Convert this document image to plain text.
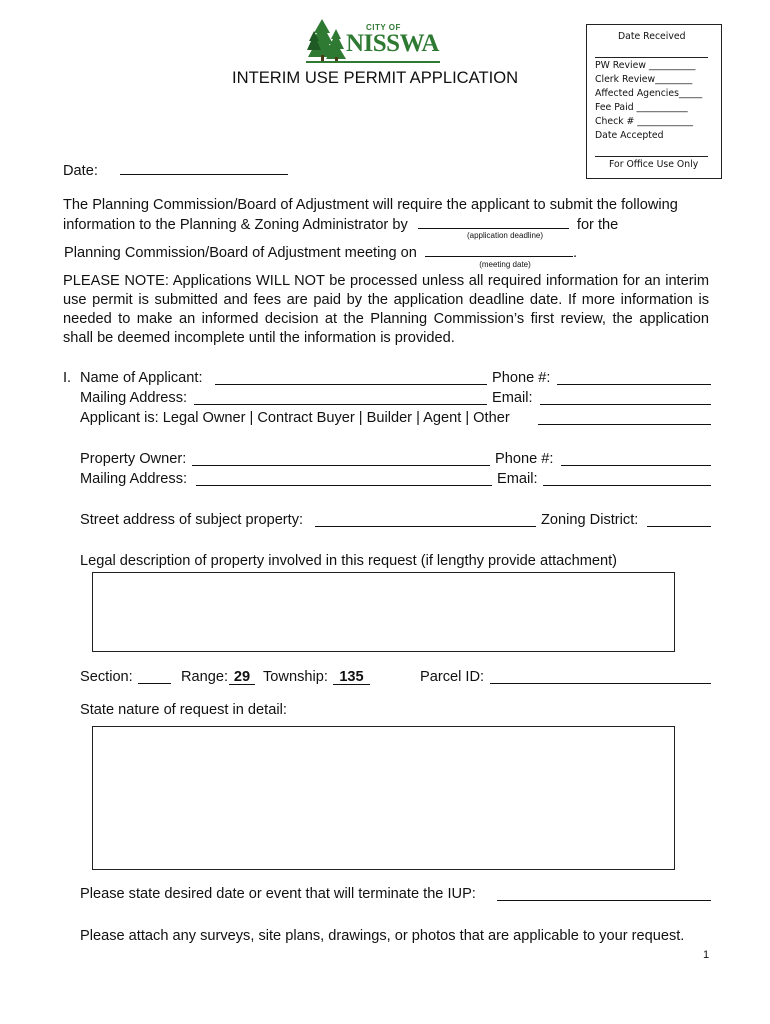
CITY OF
NISSWA
INTERIM USE PERMIT APPLICATION
Date Received
PW Review __________
Clerk Review________
Affected Agencies_____
Fee Paid ___________
Check # ____________
Date Accepted
For Office Use Only
Date:
The Planning Commission/Board of Adjustment will require the applicant to submit the following
information to the Planning & Zoning Administrator by	for the
(application deadline)
Planning Commission/Board of Adjustment meeting on	.
(meeting date)
PLEASE NOTE: Applications WILL NOT be processed unless all required information for an interim use permit is submitted and fees are paid by the application deadline date. If more information is needed to make an informed decision at the Planning Commission’s first review, the application shall be deemed incomplete until the information is provided.
I. Name of Applicant:	Phone #:
Mailing Address:	Email:
Applicant is: Legal Owner | Contract Buyer | Builder | Agent | Other
Property Owner:	Phone #:
Mailing Address:	Email:
Street address of subject property:	Zoning District:
Legal description of property involved in this request (if lengthy provide attachment)
Section:	Range: 29 Township: 135	Parcel ID:
State nature of request in detail:
Please state desired date or event that will terminate the IUP:
Please attach any surveys, site plans, drawings, or photos that are applicable to your request.
1
